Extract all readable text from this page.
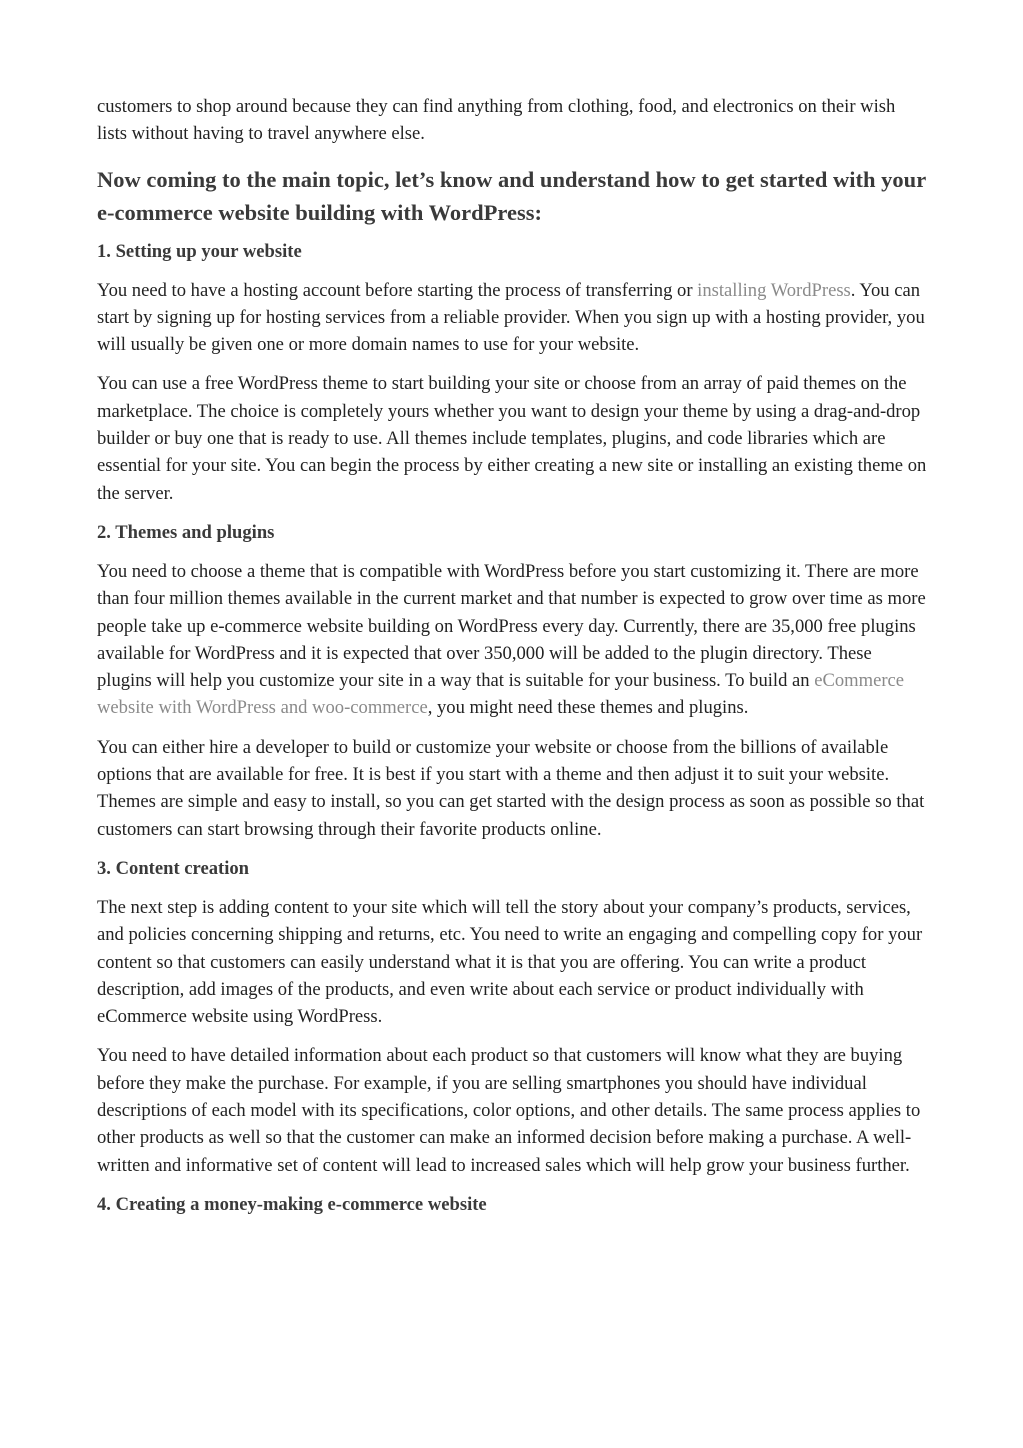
customers to shop around because they can find anything from clothing, food, and electronics on their wish lists without having to travel anywhere else.

Now coming to the main topic, let’s know and understand how to get started with your e-commerce website building with WordPress:
1. Setting up your website

You need to have a hosting account before starting the process of transferring or installing WordPress. You can start by signing up for hosting services from a reliable provider. When you sign up with a hosting provider, you will usually be given one or more domain names to use for your website.

You can use a free WordPress theme to start building your site or choose from an array of paid themes on the marketplace. The choice is completely yours whether you want to design your theme by using a drag-and-drop builder or buy one that is ready to use. All themes include templates, plugins, and code libraries which are essential for your site. You can begin the process by either creating a new site or installing an existing theme on the server.

2. Themes and plugins

You need to choose a theme that is compatible with WordPress before you start customizing it. There are more than four million themes available in the current market and that number is expected to grow over time as more people take up e-commerce website building on WordPress every day. Currently, there are 35,000 free plugins available for WordPress and it is expected that over 350,000 will be added to the plugin directory. These plugins will help you customize your site in a way that is suitable for your business. To build an eCommerce website with WordPress and woo-commerce, you might need these themes and plugins.

You can either hire a developer to build or customize your website or choose from the billions of available options that are available for free. It is best if you start with a theme and then adjust it to suit your website. Themes are simple and easy to install, so you can get started with the design process as soon as possible so that customers can start browsing through their favorite products online.

3. Content creation

The next step is adding content to your site which will tell the story about your company’s products, services, and policies concerning shipping and returns, etc. You need to write an engaging and compelling copy for your content so that customers can easily understand what it is that you are offering. You can write a product description, add images of the products, and even write about each service or product individually with eCommerce website using WordPress.

You need to have detailed information about each product so that customers will know what they are buying before they make the purchase. For example, if you are selling smartphones you should have individual descriptions of each model with its specifications, color options, and other details. The same process applies to other products as well so that the customer can make an informed decision before making a purchase. A well-written and informative set of content will lead to increased sales which will help grow your business further.

4. Creating a money-making e-commerce website
